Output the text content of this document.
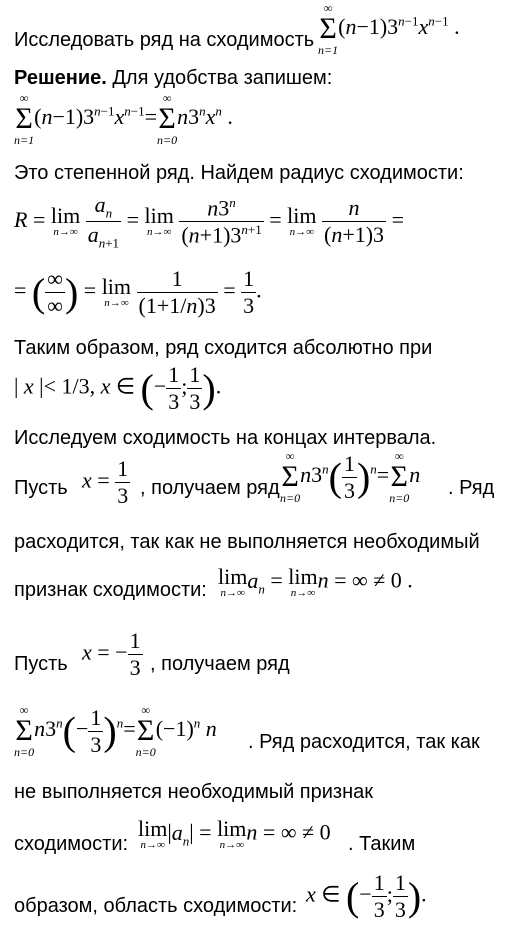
Исследовать ряд на сходимость
∞
Σ
n=1
$(n-1)3^{n-1}x^{n-1}$ .
Решение. Для удобства запишем:
∞
Σ
n=1
$(n-1)3^{n-1}x^{n-1}=$
∞
Σ
n=0
$n3^nx^n$ .
Это степенной ряд. Найдем радиус сходимости:
R = lim
n→∞
$\frac{a_n}{a_{n+1}} = \lim$
n→∞
$\frac{n3^n}{(n+1)3^{n+1}} = \lim$
n→∞
$\frac{n}{(n+1)3}$ =
= ( $\frac{\infty}{\infty}$ ) = lim
n→∞
$\frac{1}{(1+1/n)3} = \frac{1}{3}$ .
Таким образом, ряд сходится абсолютно при
| x |< 1/3, x ∈ (− $\frac{1}{3}$ ; $\frac{1}{3}$ ).
Исследуем сходимость на концах интервала.
Пусть $x = \frac{1}{3}$ , получаем ряд
∞
Σ
n=0
$n3^n( \frac{1}{3} )^n=$
∞
Σ
n=0
n
. Ряд
расходится, так как не выполняется необходимый
признак сходимости:
lim
n→∞
$a_n = \lim$
n→∞
n = ∞ ≠ 0 .
Пусть x = − $\frac{1}{3}$ , получаем ряд
∞
Σ
n=0
$n3^n(- \frac{1}{3} )^n=$
∞
Σ
n=0
$(-1)^n$ n
. Ряд расходится, так как
не выполняется необходимый признак
сходимости:
lim
n→∞
$|a_n| = \lim$
n→∞
n = ∞ ≠ 0 . Таким
образом, область сходимости: x ∈ (− $\frac{1}{3}$ ; $\frac{1}{3}$ ).
